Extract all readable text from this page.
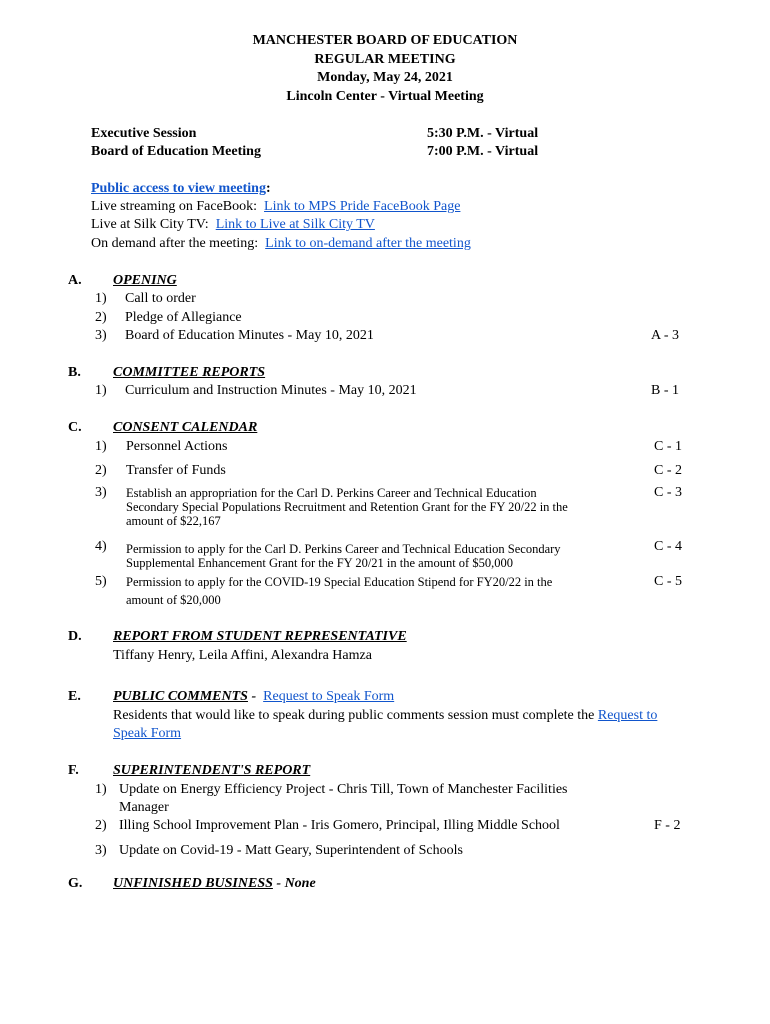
MANCHESTER BOARD OF EDUCATION
REGULAR MEETING
Monday, May 24, 2021
Lincoln Center - Virtual Meeting
Executive Session	5:30 P.M. - Virtual
Board of Education Meeting	7:00 P.M. - Virtual
Public access to view meeting:
Live streaming on FaceBook: Link to MPS Pride FaceBook Page
Live at Silk City TV: Link to Live at Silk City TV
On demand after the meeting: Link to on-demand after the meeting
A. OPENING
1) Call to order
2) Pledge of Allegiance
3) Board of Education Minutes - May 10, 2021	A - 3
B. COMMITTEE REPORTS
1) Curriculum and Instruction Minutes - May 10, 2021	B - 1
C. CONSENT CALENDAR
1) Personnel Actions	C - 1
2) Transfer of Funds	C - 2
3) Establish an appropriation for the Carl D. Perkins Career and Technical Education
Secondary Special Populations Recruitment and Retention Grant for the FY 20/22 in the
amount of $22,167
C - 3
4) Permission to apply for the Carl D. Perkins Career and Technical Education Secondary
Supplemental Enhancement Grant for the FY 20/21 in the amount of $50,000
C - 4
5) Permission to apply for the COVID-19 Special Education Stipend for FY20/22 in the
amount of $20,000
C - 5
D. REPORT FROM STUDENT REPRESENTATIVE
Tiffany Henry, Leila Affini, Alexandra Hamza
E. PUBLIC COMMENTS - Request to Speak Form
Residents that would like to speak during public comments session must complete the Request to
Speak Form
F. SUPERINTENDENT'S REPORT
1) Update on Energy Efficiency Project - Chris Till, Town of Manchester Facilities
Manager
2) Illing School Improvement Plan - Iris Gomero, Principal, Illing Middle School	F - 2
3) Update on Covid-19 - Matt Geary, Superintendent of Schools
G. UNFINISHED BUSINESS - None
